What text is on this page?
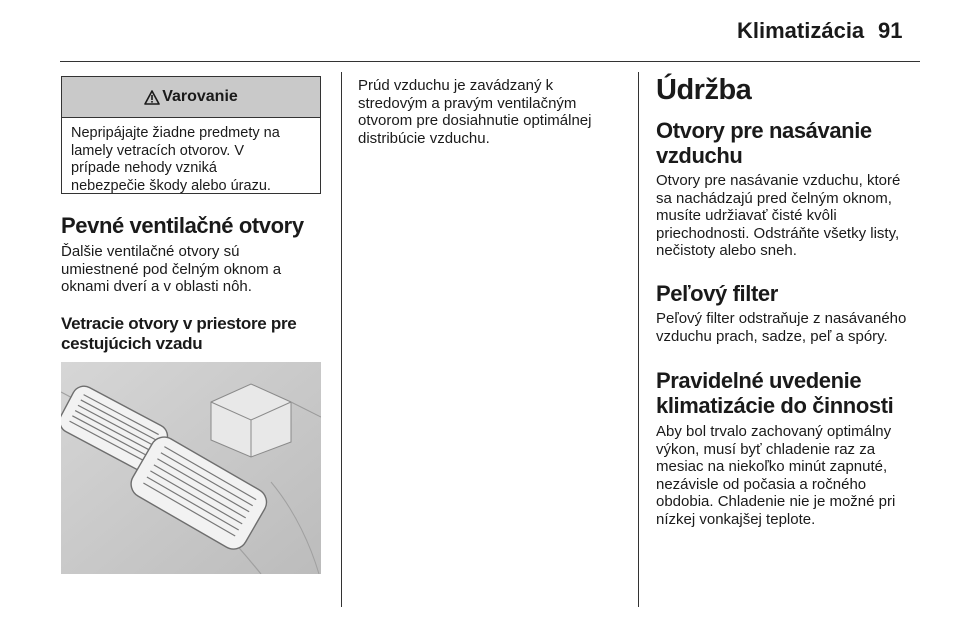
Klimatizácia 91
Varovanie
Nepripájajte žiadne predmety na
lamely vetracích otvorov. V
prípade nehody vzniká
nebezpečie škody alebo úrazu.
Pevné ventilačné otvory
Ďalšie ventilačné otvory sú
umiestnené pod čelným oknom a
oknami dverí a v oblasti nôh.
Vetracie otvory v priestore pre
cestujúcich vzadu
Prúd vzduchu je zavádzaný k
stredovým a pravým ventilačným
otvorom pre dosiahnutie optimálnej
distribúcie vzduchu.
Údržba
Otvory pre nasávanie
vzduchu
Otvory pre nasávanie vzduchu, ktoré
sa nachádzajú pred čelným oknom,
musíte udržiavať čisté kvôli
priechodnosti. Odstráňte všetky listy,
nečistoty alebo sneh.
Peľový filter
Peľový filter odstraňuje z nasávaného
vzduchu prach, sadze, peľ a spóry.
Pravidelné uvedenie
klimatizácie do činnosti
Aby bol trvalo zachovaný optimálny
výkon, musí byť chladenie raz za
mesiac na niekoľko minút zapnuté,
nezávisle od počasia a ročného
obdobia. Chladenie nie je možné pri
nízkej vonkajšej teplote.
